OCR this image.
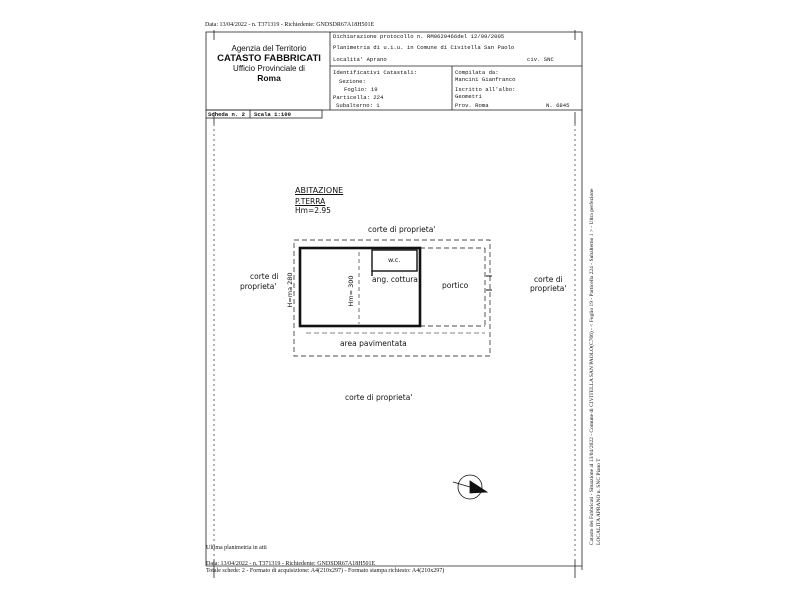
Data: 13/04/2022 - n. T371319 - Richiedente: GNDSDR67A18H501E
Agenzia del Territorio
CATASTO FABBRICATI
Ufficio Provinciale di
Roma
Dichiarazione protocollo n. RM0629466del 12/09/2005
Planimetria di u.i.u. in Comune di Civitella San Paolo
Localita' Aprano	civ. SNC
Identificativi Catastali:
Sezione:
Foglio: 19
Particella: 224
Subalterno: 1
Compilata da:
Mancini Gianfranco
Iscritto all'albo:
Geometri
Prov. Roma	N. 6845
Scheda n. 2 Scala 1:100
ABITAZIONE
P.TERRA
Hm=2.95
corte di proprieta'
corte di
proprieta'
corte di
proprieta'
w.c.
ang. cottura
portico
H=ma 280	Hm= 300
area pavimentata
corte di proprieta'	Catasto dei Fabbricati - Situazione al 13/04/2022 - Comune di CIVITELLA SAN PAOLO(C766) - < Foglio 19 - Particella 224 - Subalterno 1 > - Ultra perfezione LOCALITA APRANO n. SNC Piano T
Ultima planimetria in atti
Data: 13/04/2022 - n. T371319 - Richiedente: GNDSDR67A18H501E
Totale schede: 2 - Formato di acquisizione: A4(210x297) - Formato stampa richiesto: A4(210x297)
